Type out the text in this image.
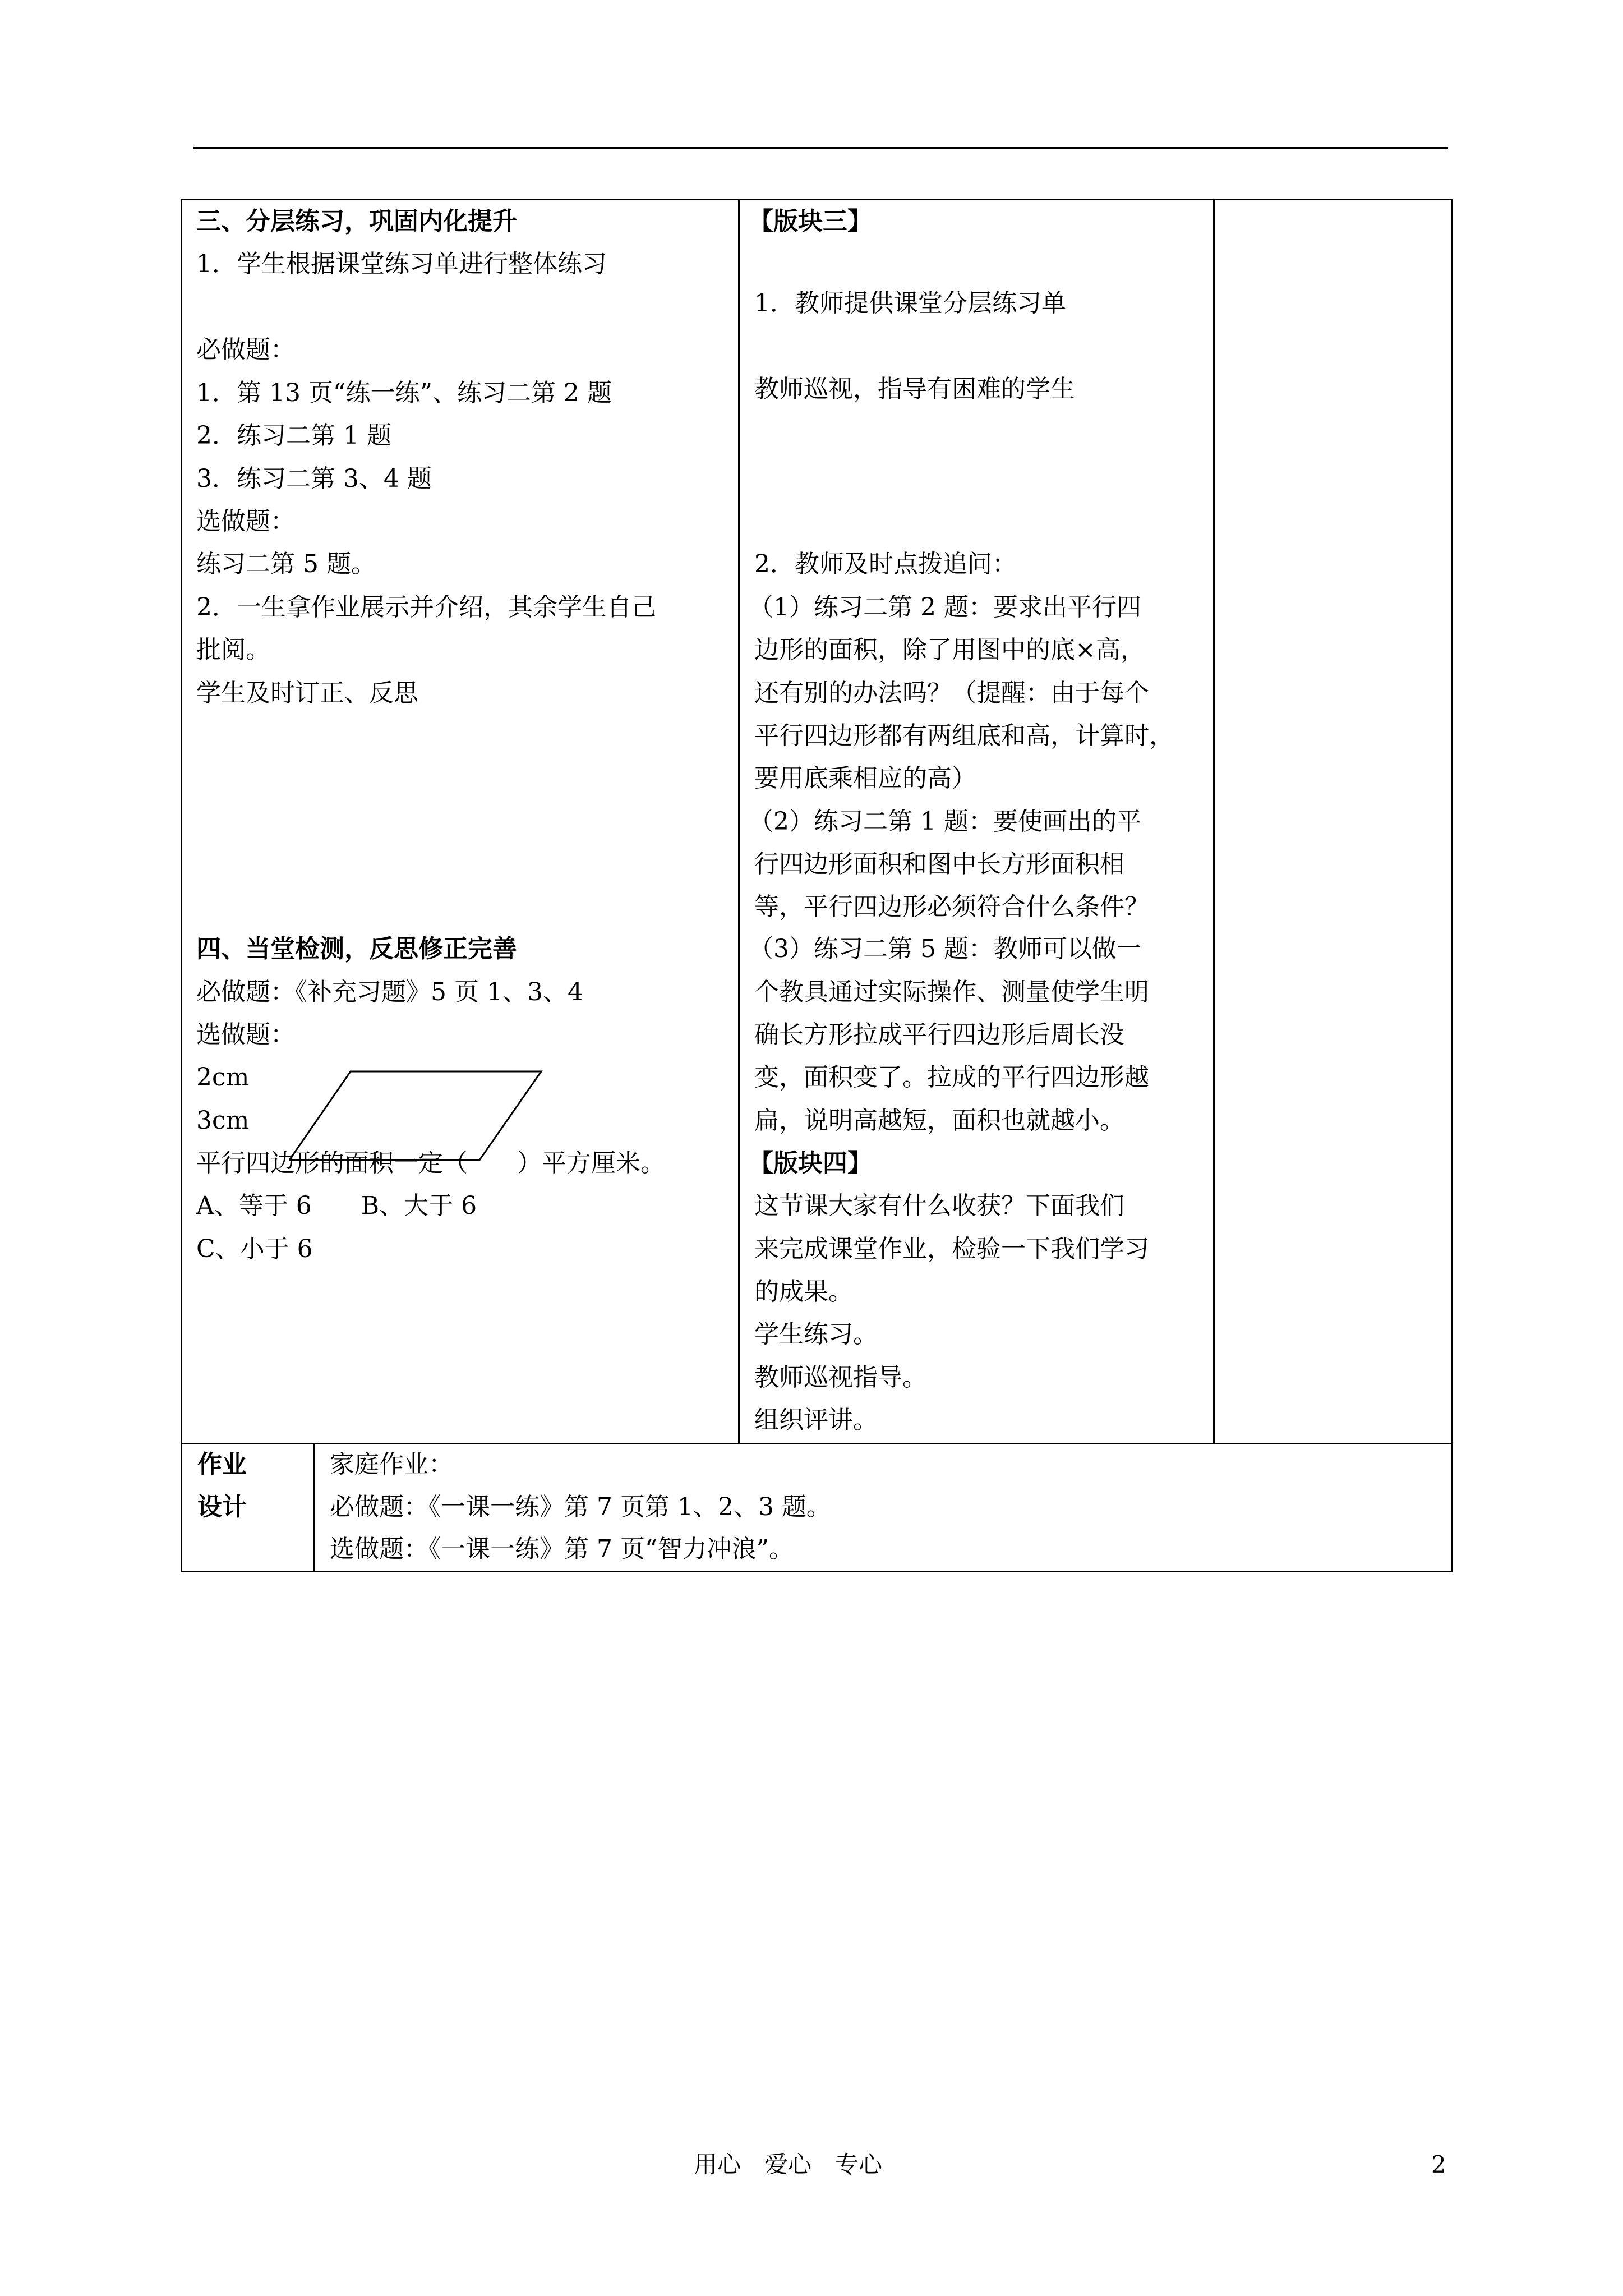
三、分层练习，巩固内化提升
1．学生根据课堂练习单进行整体练习
必做题：
1．第 13 页“练一练”、练习二第 2 题
2．练习二第 1 题
3．练习二第 3、4 题
选做题：
练习二第 5 题。
2．一生拿作业展示并介绍，其余学生自己
批阅。
学生及时订正、反思
四、当堂检测，反思修正完善
必做题：《补充习题》5 页 1、3、4
选做题：
2cm
3cm
平行四边形的面积一定（　　）平方厘米。
A、等于 6　　B、大于 6
C、小于 6
【版块三】
1．教师提供课堂分层练习单
教师巡视，指导有困难的学生
2．教师及时点拨追问：
（1）练习二第 2 题：要求出平行四
边形的面积，除了用图中的底×高，
还有别的办法吗？（提醒：由于每个
平行四边形都有两组底和高，计算时，
要用底乘相应的高）
（2）练习二第 1 题：要使画出的平
行四边形面积和图中长方形面积相
等，平行四边形必须符合什么条件？
（3）练习二第 5 题：教师可以做一
个教具通过实际操作、测量使学生明
确长方形拉成平行四边形后周长没
变，面积变了。拉成的平行四边形越
扁，说明高越短，面积也就越小。
【版块四】
这节课大家有什么收获？下面我们
来完成课堂作业，检验一下我们学习
的成果。
学生练习。
教师巡视指导。
组织评讲。
作业
设计
家庭作业：
必做题：《一课一练》第 7 页第 1、2、3 题。
选做题：《一课一练》第 7 页“智力冲浪”。
用心　爱心　专心	2
